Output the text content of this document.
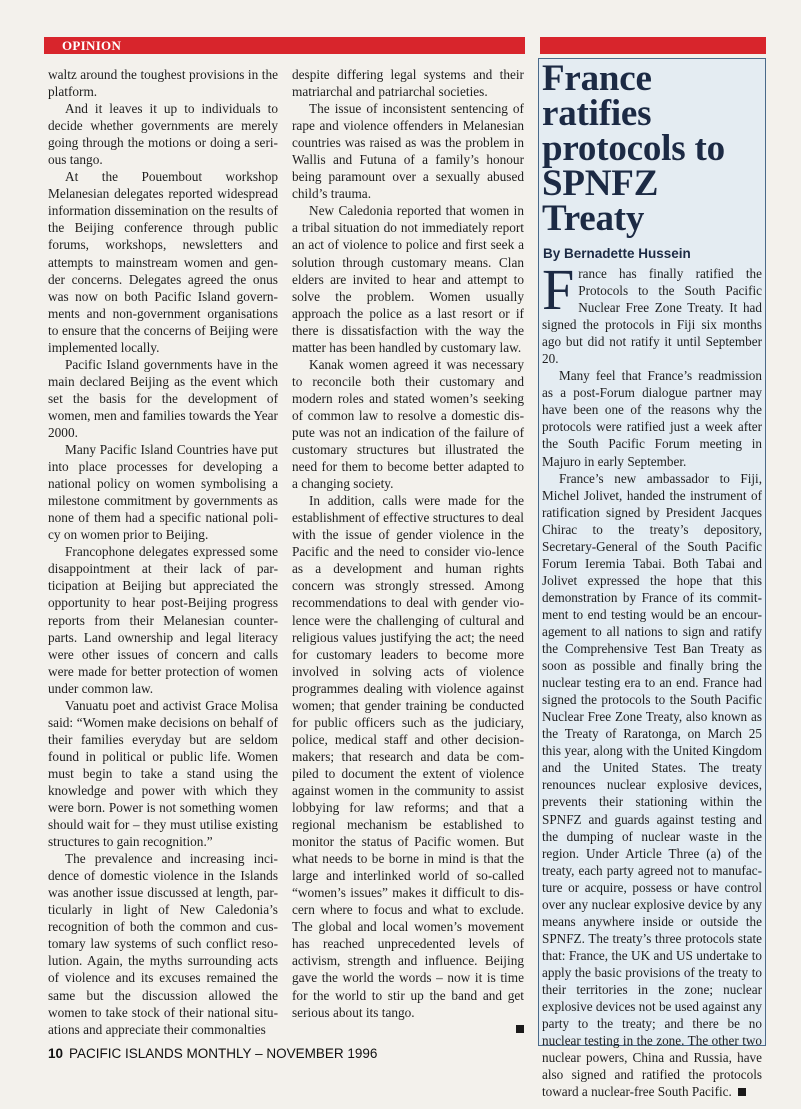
OPINION

waltz around the toughest provisions in the platform.

And it leaves it up to individuals to decide whether governments are merely going through the motions or doing a seri-ous tango.

At the Pouembout workshop Melanesian delegates reported widespread information dissemination on the results of the Beijing conference through public forums, workshops, newsletters and attempts to mainstream women and gen-der concerns. Delegates agreed the onus was now on both Pacific Island govern-ments and non-government organisations to ensure that the concerns of Beijing were implemented locally.

Pacific Island governments have in the main declared Beijing as the event which set the basis for the development of women, men and families towards the Year 2000.

Many Pacific Island Countries have put into place processes for developing a national policy on women symbolising a milestone commitment by governments as none of them had a specific national poli-cy on women prior to Beijing.

Francophone delegates expressed some disappointment at their lack of par-ticipation at Beijing but appreciated the opportunity to hear post-Beijing progress reports from their Melanesian counter-parts. Land ownership and legal literacy were other issues of concern and calls were made for better protection of women under common law.

Vanuatu poet and activist Grace Molisa said: “Women make decisions on behalf of their families everyday but are seldom found in political or public life. Women must begin to take a stand using the knowledge and power with which they were born. Power is not something women should wait for – they must utilise existing structures to gain recognition.”

The prevalence and increasing inci-dence of domestic violence in the Islands was another issue discussed at length, par-ticularly in light of New Caledonia’s recognition of both the common and cus-tomary law systems of such conflict reso-lution. Again, the myths surrounding acts of violence and its excuses remained the same but the discussion allowed the women to take stock of their national situ-ations and appreciate their commonalties

despite differing legal systems and their matriarchal and patriarchal societies.

The issue of inconsistent sentencing of rape and violence offenders in Melanesian countries was raised as was the problem in Wallis and Futuna of a family’s honour being paramount over a sexually abused child’s trauma.

New Caledonia reported that women in a tribal situation do not immediately report an act of violence to police and first seek a solution through customary means. Clan elders are invited to hear and attempt to solve the problem. Women usually approach the police as a last resort or if there is dissatisfaction with the way the matter has been handled by customary law.

Kanak women agreed it was necessary to reconcile both their customary and modern roles and stated women’s seeking of common law to resolve a domestic dis-pute was not an indication of the failure of customary structures but illustrated the need for them to become better adapted to a changing society.

In addition, calls were made for the establishment of effective structures to deal with the issue of gender violence in the Pacific and the need to consider vio-lence as a development and human rights concern was strongly stressed. Among recommendations to deal with gender vio-lence were the challenging of cultural and religious values justifying the act; the need for customary leaders to become more involved in solving acts of violence programmes dealing with violence against women; that gender training be conducted for public officers such as the judiciary, police, medical staff and other decision-makers; that research and data be com-piled to document the extent of violence against women in the community to assist lobbying for law reforms; and that a regional mechanism be established to monitor the status of Pacific women. But what needs to be borne in mind is that the large and interlinked world of so-called “women’s issues” makes it difficult to dis-cern where to focus and what to exclude. The global and local women’s movement has reached unprecedented levels of activism, strength and influence. Beijing gave the world the words – now it is time for the world to stir up the band and get serious about its tango.

France ratifies protocols to SPNFZ Treaty
By Bernadette Hussein

France has finally ratified the Protocols to the South Pacific Nuclear Free Zone Treaty. It had signed the protocols in Fiji six months ago but did not ratify it until September 20.

Many feel that France’s readmission as a post-Forum dialogue partner may have been one of the reasons why the protocols were ratified just a week after the South Pacific Forum meeting in Majuro in early September.

France’s new ambassador to Fiji, Michel Jolivet, handed the instrument of ratification signed by President Jacques Chirac to the treaty’s depository, Secretary-General of the South Pacific Forum Ieremia Tabai. Both Tabai and Jolivet expressed the hope that this demonstration by France of its commit-ment to end testing would be an encour-agement to all nations to sign and ratify the Comprehensive Test Ban Treaty as soon as possible and finally bring the nuclear testing era to an end. France had signed the protocols to the South Pacific Nuclear Free Zone Treaty, also known as the Treaty of Raratonga, on March 25 this year, along with the United Kingdom and the United States. The treaty renounces nuclear explosive devices, prevents their stationing within the SPNFZ and guards against testing and the dumping of nuclear waste in the region. Under Article Three (a) of the treaty, each party agreed not to manufac-ture or acquire, possess or have control over any nuclear explosive device by any means anywhere inside or outside the SPNFZ. The treaty’s three protocols state that: France, the UK and US undertake to apply the basic provisions of the treaty to their territories in the zone; nuclear explosive devices not be used against any party to the treaty; and there be no nuclear testing in the zone. The other two nuclear powers, China and Russia, have also signed and ratified the protocols toward a nuclear-free South Pacific.

10 PACIFIC ISLANDS MONTHLY – NOVEMBER 1996
